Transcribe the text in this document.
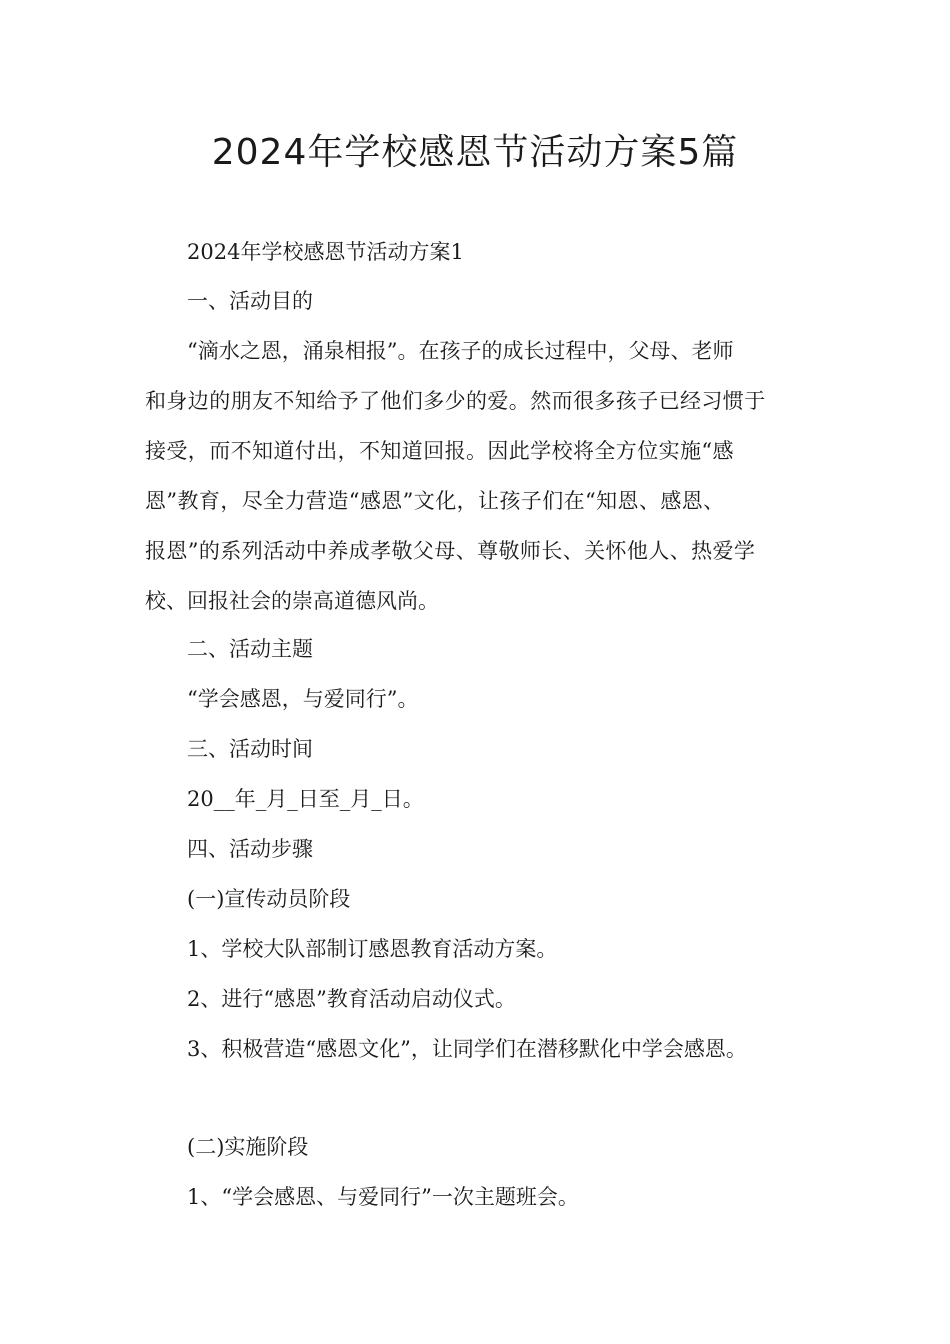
2024年学校感恩节活动方案5篇
2024年学校感恩节活动方案1
一、活动目的
“滴水之恩，涌泉相报”。在孩子的成长过程中，父母、老师
和身边的朋友不知给予了他们多少的爱。然而很多孩子已经习惯于
接受，而不知道付出，不知道回报。因此学校将全方位实施“感
恩”教育，尽全力营造“感恩”文化，让孩子们在“知恩、感恩、
报恩”的系列活动中养成孝敬父母、尊敬师长、关怀他人、热爱学
校、回报社会的崇高道德风尚。
二、活动主题
“学会感恩，与爱同行”。
三、活动时间
20__年_月_日至_月_日。
四、活动步骤
(一)宣传动员阶段
1、学校大队部制订感恩教育活动方案。
2、进行“感恩”教育活动启动仪式。
3、积极营造“感恩文化”，让同学们在潜移默化中学会感恩。
(二)实施阶段
1、“学会感恩、与爱同行”一次主题班会。
